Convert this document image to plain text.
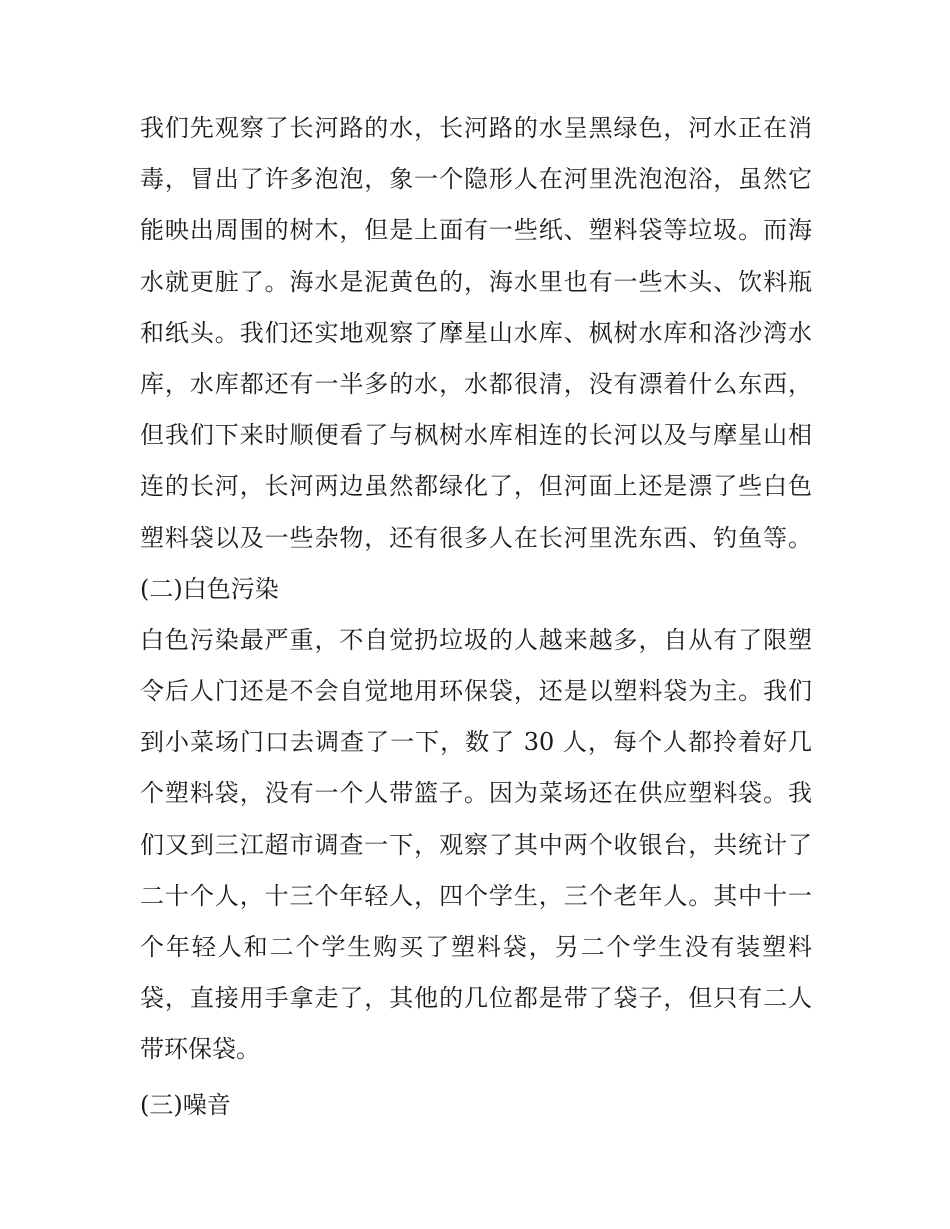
我们先观察了长河路的水，长河路的水呈黑绿色，河水正在消
毒，冒出了许多泡泡，象一个隐形人在河里洗泡泡浴，虽然它
能映出周围的树木，但是上面有一些纸、塑料袋等垃圾。而海
水就更脏了。海水是泥黄色的，海水里也有一些木头、饮料瓶
和纸头。我们还实地观察了摩星山水库、枫树水库和洛沙湾水
库，水库都还有一半多的水，水都很清，没有漂着什么东西，
但我们下来时顺便看了与枫树水库相连的长河以及与摩星山相
连的长河，长河两边虽然都绿化了，但河面上还是漂了些白色
塑料袋以及一些杂物，还有很多人在长河里洗东西、钓鱼等。
(二)白色污染
白色污染最严重，不自觉扔垃圾的人越来越多，自从有了限塑
令后人门还是不会自觉地用环保袋，还是以塑料袋为主。我们
到小菜场门口去调查了一下，数了 30 人，每个人都拎着好几
个塑料袋，没有一个人带篮子。因为菜场还在供应塑料袋。我
们又到三江超市调查一下，观察了其中两个收银台，共统计了
二十个人，十三个年轻人，四个学生，三个老年人。其中十一
个年轻人和二个学生购买了塑料袋，另二个学生没有装塑料
袋，直接用手拿走了，其他的几位都是带了袋子，但只有二人
带环保袋。
(三)噪音
